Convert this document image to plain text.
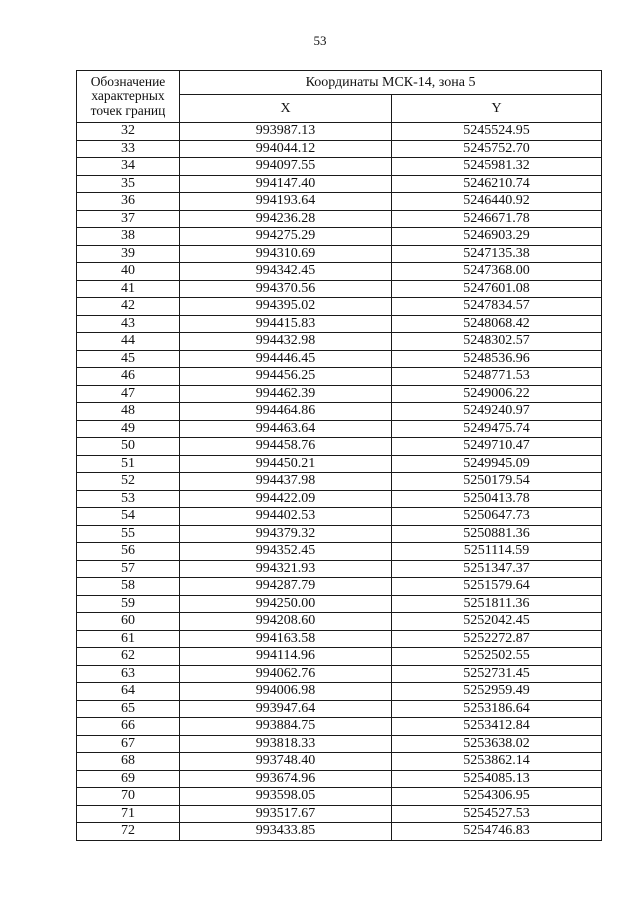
53
Обозначение характерных точек границ	Координаты МСК-14, зона 5	
	X	Y
32	993987.13	5245524.95
33	994044.12	5245752.70
34	994097.55	5245981.32
35	994147.40	5246210.74
36	994193.64	5246440.92
37	994236.28	5246671.78
38	994275.29	5246903.29
39	994310.69	5247135.38
40	994342.45	5247368.00
41	994370.56	5247601.08
42	994395.02	5247834.57
43	994415.83	5248068.42
44	994432.98	5248302.57
45	994446.45	5248536.96
46	994456.25	5248771.53
47	994462.39	5249006.22
48	994464.86	5249240.97
49	994463.64	5249475.74
50	994458.76	5249710.47
51	994450.21	5249945.09
52	994437.98	5250179.54
53	994422.09	5250413.78
54	994402.53	5250647.73
55	994379.32	5250881.36
56	994352.45	5251114.59
57	994321.93	5251347.37
58	994287.79	5251579.64
59	994250.00	5251811.36
60	994208.60	5252042.45
61	994163.58	5252272.87
62	994114.96	5252502.55
63	994062.76	5252731.45
64	994006.98	5252959.49
65	993947.64	5253186.64
66	993884.75	5253412.84
67	993818.33	5253638.02
68	993748.40	5253862.14
69	993674.96	5254085.13
70	993598.05	5254306.95
71	993517.67	5254527.53
72	993433.85	5254746.83
